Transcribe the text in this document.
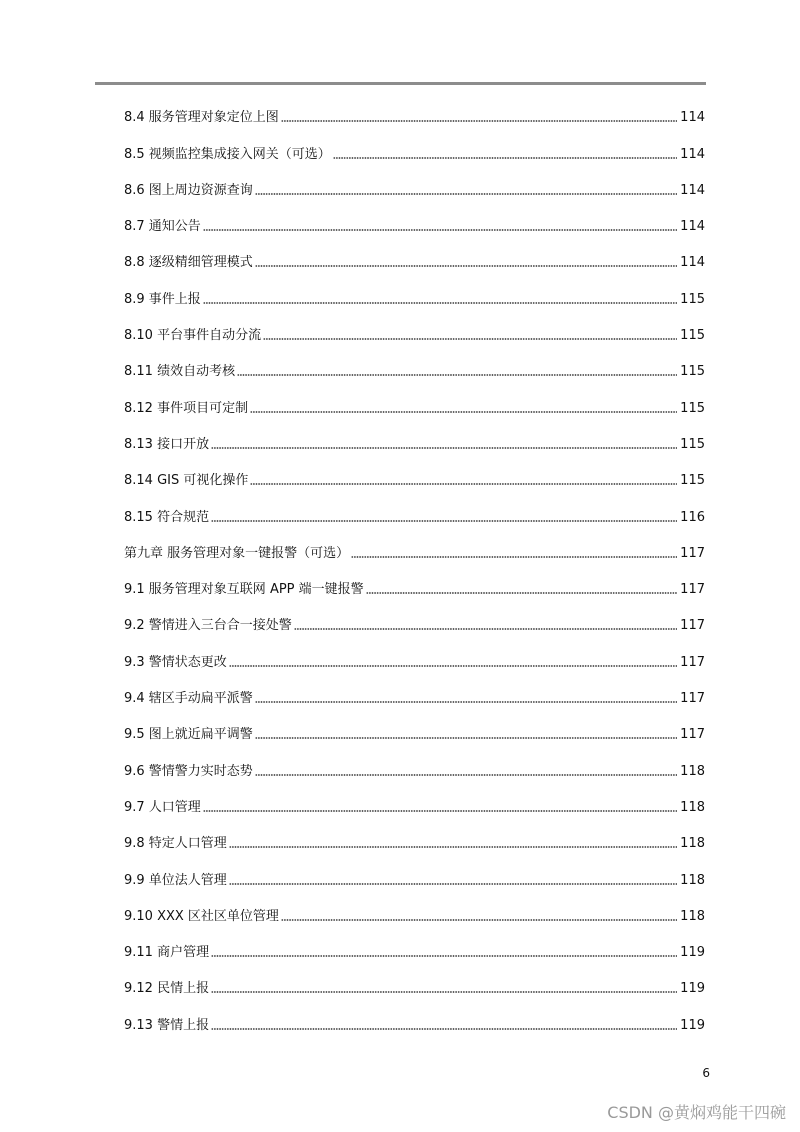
8.4 服务管理对象定位上图	114
8.5 视频监控集成接入网关（可选）	114
8.6 图上周边资源查询	114
8.7 通知公告	114
8.8 逐级精细管理模式	114
8.9 事件上报	115
8.10 平台事件自动分流	115
8.11 绩效自动考核	115
8.12 事件项目可定制	115
8.13 接口开放	115
8.14 GIS 可视化操作	115
8.15 符合规范	116
第九章 服务管理对象一键报警（可选）	117
9.1 服务管理对象互联网 APP 端一键报警	117
9.2 警情进入三台合一接处警	117
9.3 警情状态更改	117
9.4 辖区手动扁平派警	117
9.5 图上就近扁平调警	117
9.6 警情警力实时态势	118
9.7 人口管理	118
9.8 特定人口管理	118
9.9 单位法人管理	118
9.10 XXX 区社区单位管理	118
9.11 商户管理	119
9.12 民情上报	119
9.13 警情上报	119
6
CSDN @黄焖鸡能干四碗
